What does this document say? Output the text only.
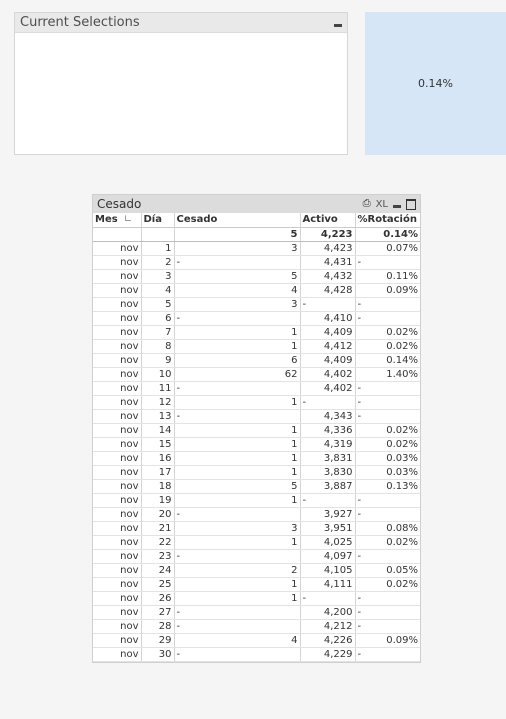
Current Selections
0.14%
Cesado	⎙ XL
Mes ∟	Día	Cesado	Activo	%Rotación
		5	4,223	0.14%
nov	1	3	4,423	0.07%
nov	2	-	4,431	-
nov	3	5	4,432	0.11%
nov	4	4	4,428	0.09%
nov	5	3	-	-
nov	6	-	4,410	-
nov	7	1	4,409	0.02%
nov	8	1	4,412	0.02%
nov	9	6	4,409	0.14%
nov	10	62	4,402	1.40%
nov	11	-	4,402	-
nov	12	1	-	-
nov	13	-	4,343	-
nov	14	1	4,336	0.02%
nov	15	1	4,319	0.02%
nov	16	1	3,831	0.03%
nov	17	1	3,830	0.03%
nov	18	5	3,887	0.13%
nov	19	1	-	-
nov	20	-	3,927	-
nov	21	3	3,951	0.08%
nov	22	1	4,025	0.02%
nov	23	-	4,097	-
nov	24	2	4,105	0.05%
nov	25	1	4,111	0.02%
nov	26	1	-	-
nov	27	-	4,200	-
nov	28	-	4,212	-
nov	29	4	4,226	0.09%
nov	30	-	4,229	-
